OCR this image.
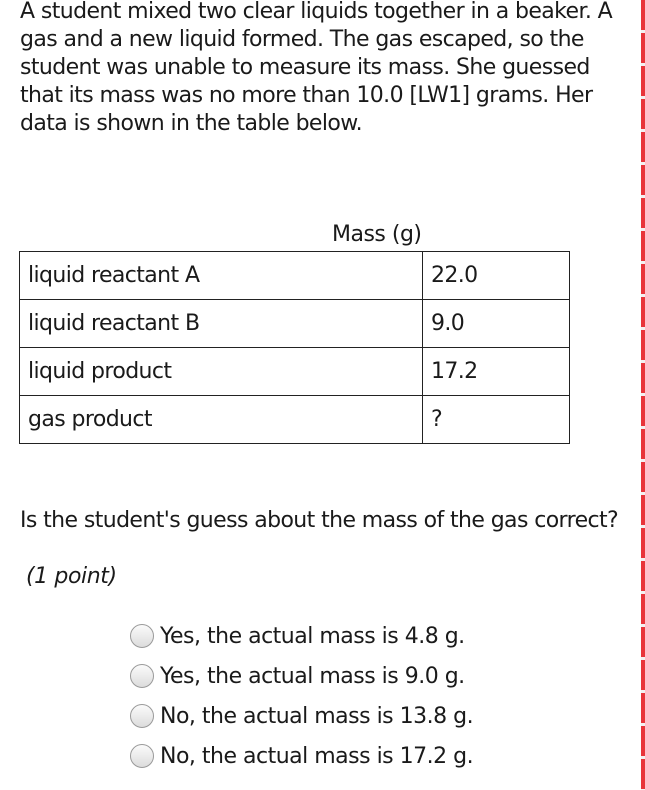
A student mixed two clear liquids together in a beaker. A gas and a new liquid formed. The gas escaped, so the student was unable to measure its mass. She guessed that its mass was no more than 10.0 [LW1] grams. Her data is shown in the table below.

Mass (g)
liquid reactant A	22.0
liquid reactant B	9.0
liquid product	17.2
gas product	?

Is the student's guess about the mass of the gas correct?

(1 point)
Yes, the actual mass is 4.8 g.
Yes, the actual mass is 9.0 g.
No, the actual mass is 13.8 g.
No, the actual mass is 17.2 g.
